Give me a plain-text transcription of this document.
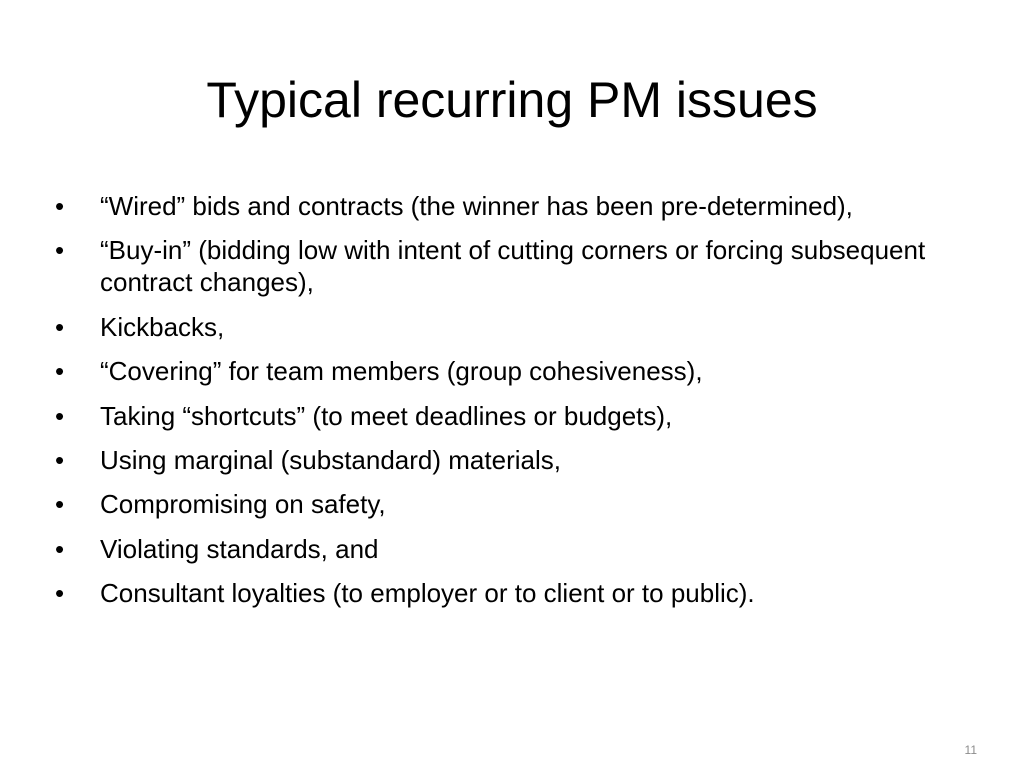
Typical recurring PM issues
• “Wired” bids and contracts (the winner has been pre-determined),
• “Buy-in” (bidding low with intent of cutting corners or forcing subsequent contract changes),
• Kickbacks,
• “Covering” for team members (group cohesiveness),
• Taking “shortcuts” (to meet deadlines or budgets),
• Using marginal (substandard) materials,
• Compromising on safety,
• Violating standards, and
• Consultant loyalties (to employer or to client or to public).
11
